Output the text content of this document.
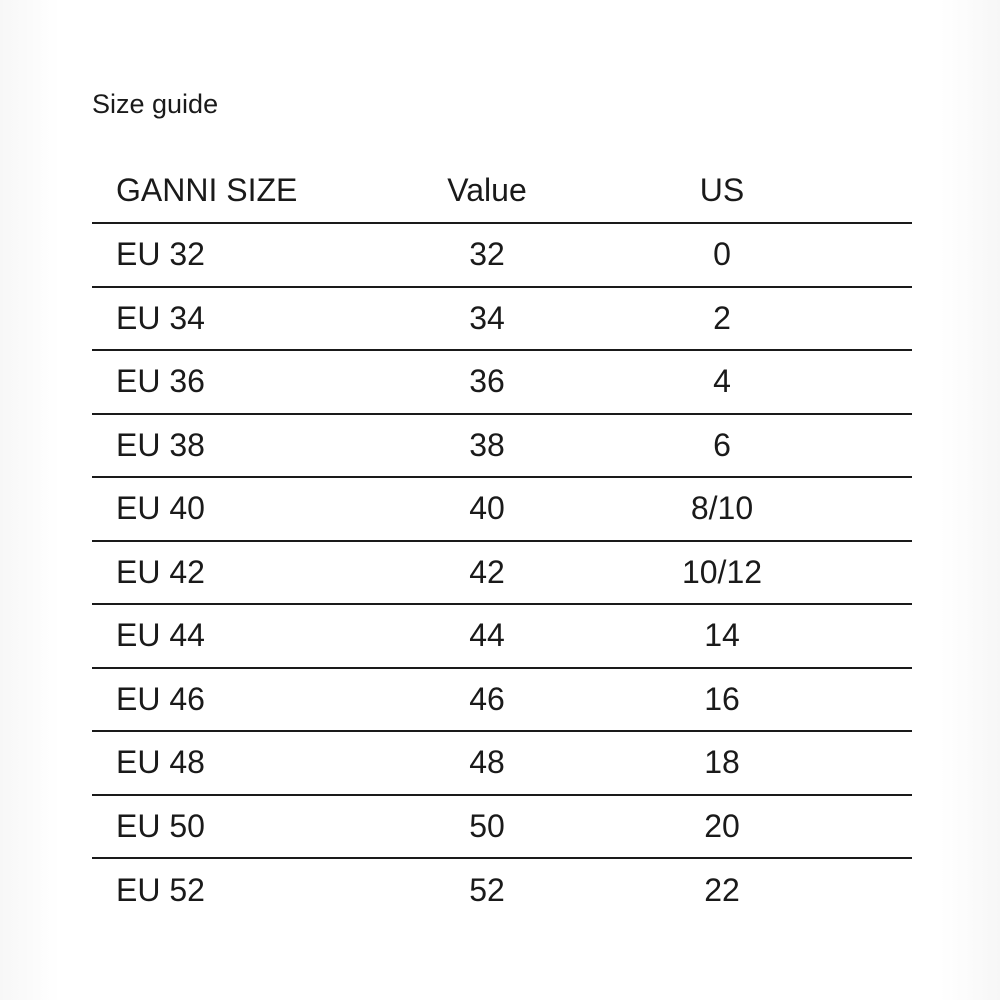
Size guide
GANNI SIZE	Value	US
EU 32	32	0
EU 34	34	2
EU 36	36	4
EU 38	38	6
EU 40	40	8/10
EU 42	42	10/12
EU 44	44	14
EU 46	46	16
EU 48	48	18
EU 50	50	20
EU 52	52	22
